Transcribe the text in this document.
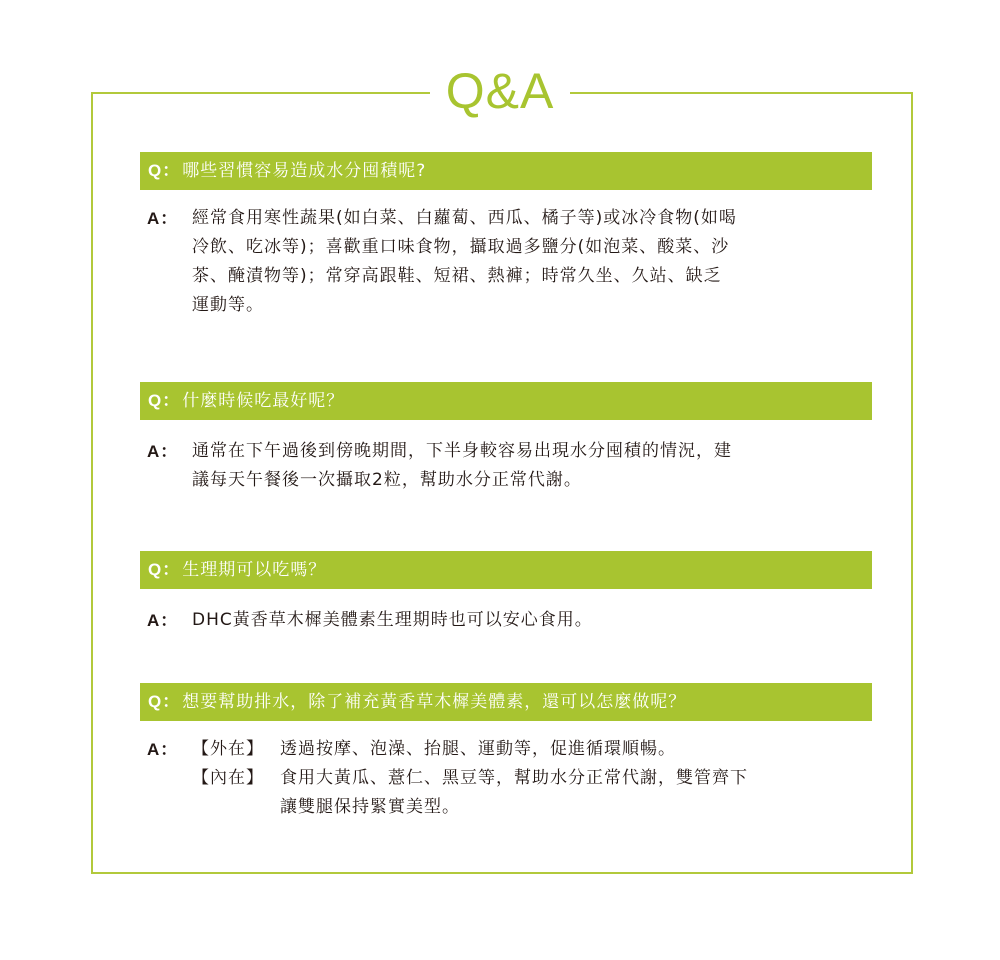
Q&A
Q： 哪些習慣容易造成水分囤積呢?
A： 經常食用寒性蔬果(如白菜、白蘿蔔、西瓜、橘子等)或冰冷食物(如喝
冷飲、吃冰等)；喜歡重口味食物，攝取過多鹽分(如泡菜、酸菜、沙
茶、醃漬物等)；常穿高跟鞋、短裙、熱褲；時常久坐、久站、缺乏
運動等。
Q： 什麼時候吃最好呢？
A： 通常在下午過後到傍晚期間，下半身較容易出現水分囤積的情況，建
議每天午餐後一次攝取2粒，幫助水分正常代謝。
Q： 生理期可以吃嗎？
A： DHC黃香草木樨美體素生理期時也可以安心食用。
Q： 想要幫助排水，除了補充黃香草木樨美體素，還可以怎麼做呢？
A： 【外在】 透過按摩、泡澡、抬腿、運動等，促進循環順暢。
【內在】 食用大黃瓜、薏仁、黑豆等，幫助水分正常代謝，雙管齊下
讓雙腿保持緊實美型。
